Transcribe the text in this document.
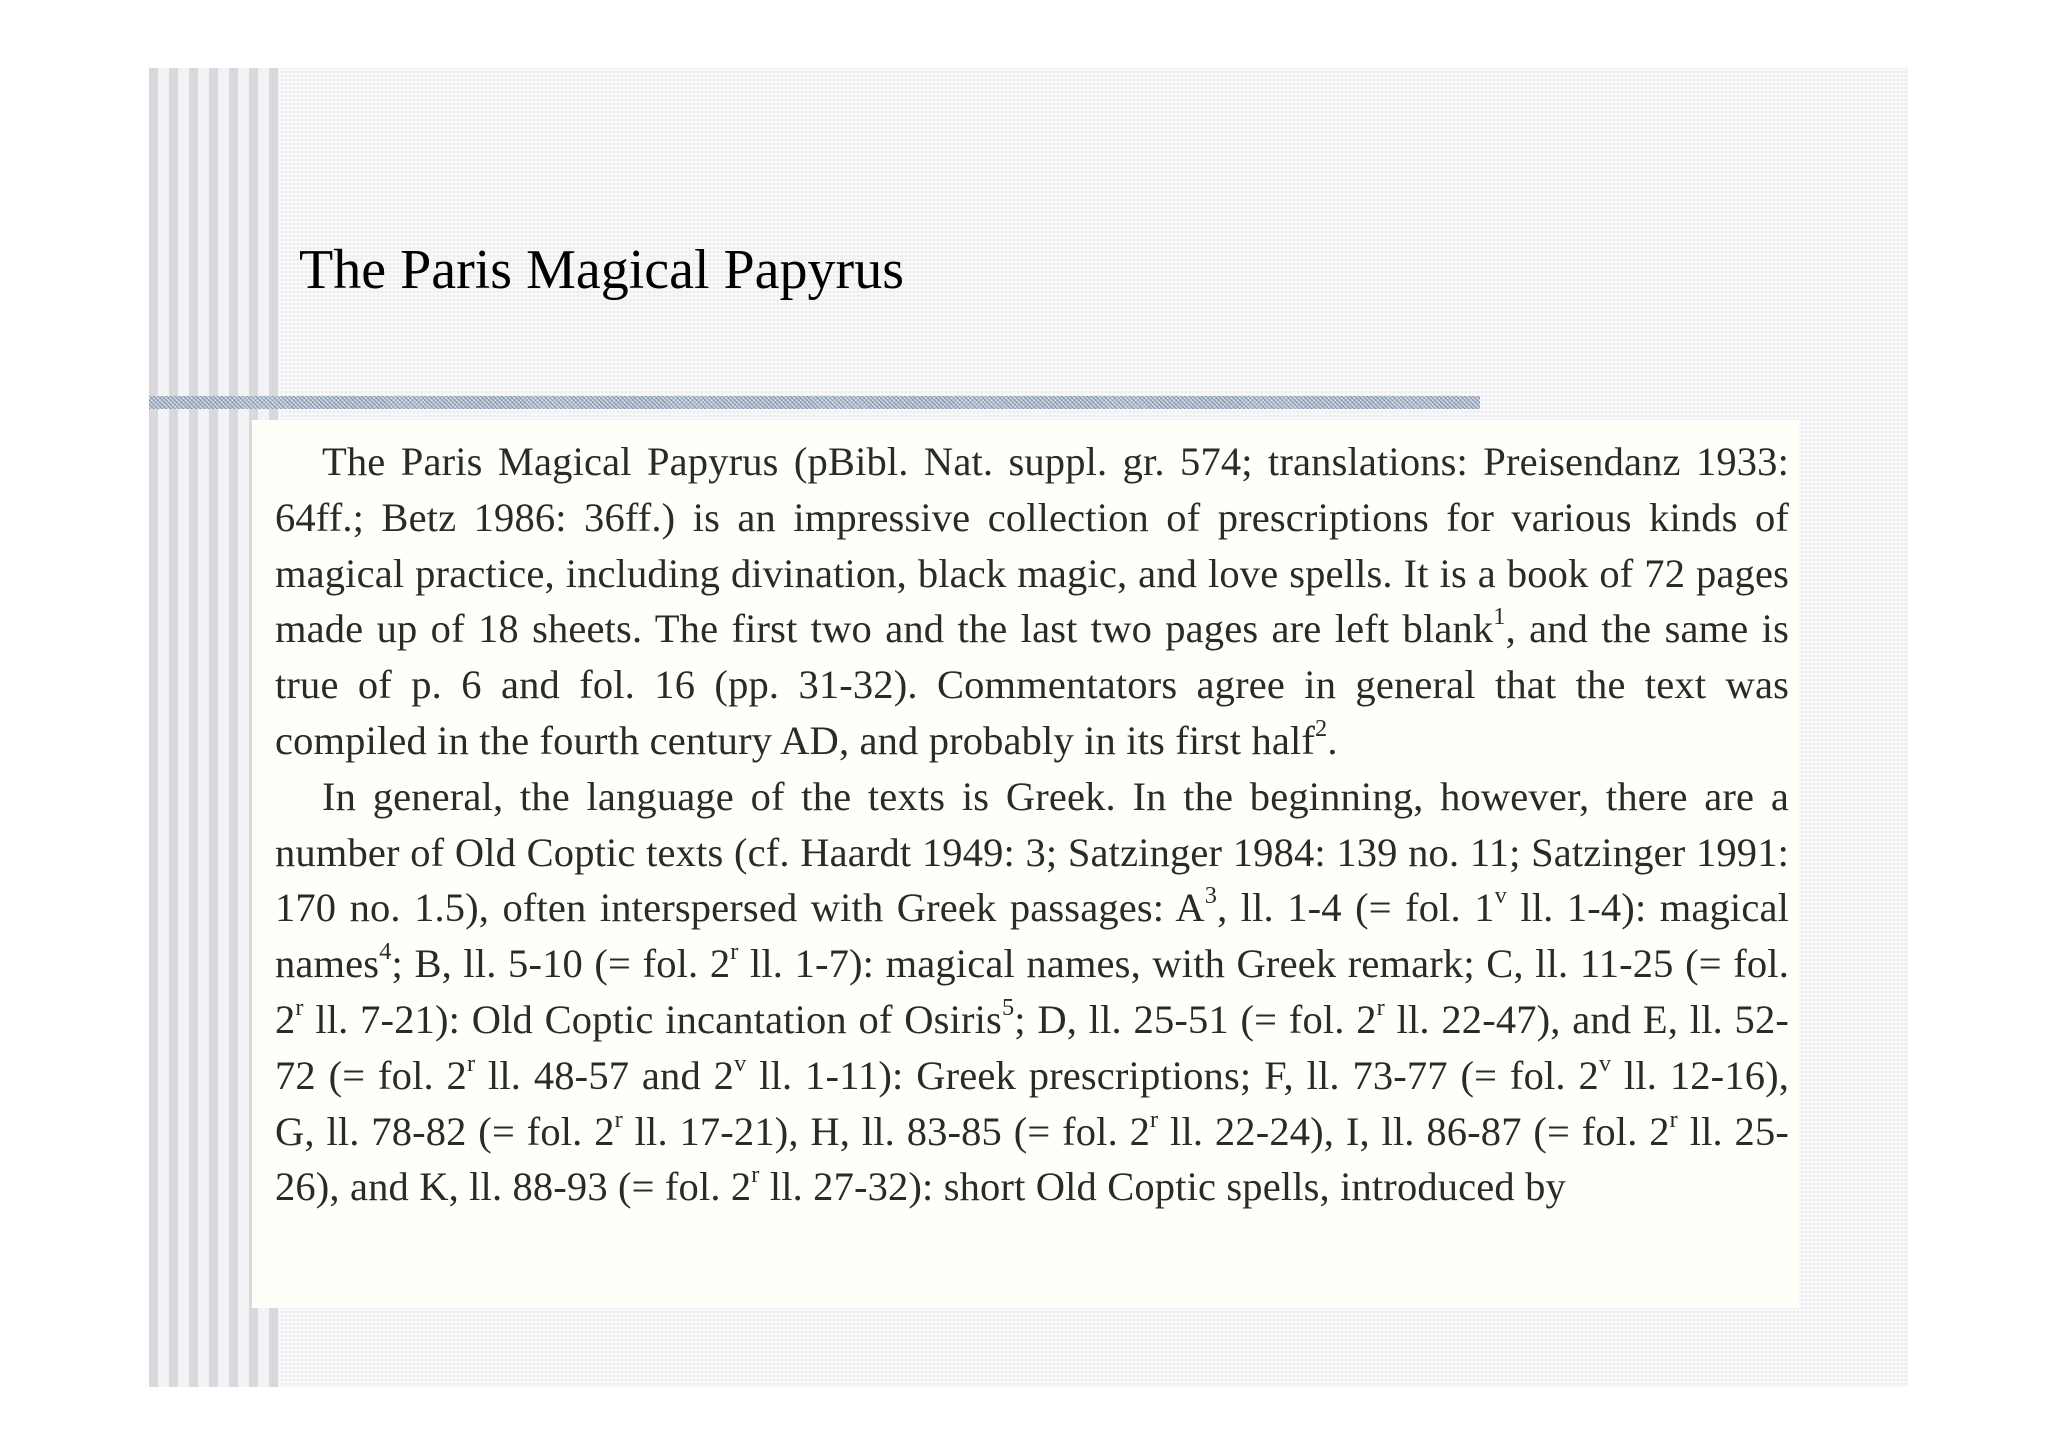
The Paris Magical Papyrus

The Paris Magical Papyrus (pBibl. Nat. suppl. gr. 574; translations: Preisendanz 1933: 64ff.; Betz 1986: 36ff.) is an impressive collection of prescriptions for various kinds of magical practice, including divination, black magic, and love spells. It is a book of 72 pages made up of 18 sheets. The first two and the last two pages are left blank$^1$, and the same is true of p. 6 and fol. 16 (pp. 31-32). Commentators agree in general that the text was compiled in the fourth century AD, and probably in its first half$^2$.

In general, the language of the texts is Greek. In the beginning, however, there are a number of Old Coptic texts (cf. Haardt 1949: 3; Satzinger 1984: 139 no. 11; Satzinger 1991: 170 no. 1.5), often interspersed with Greek passages: $A^3$, ll. 1-4 (= fol. 1$^v$ ll. 1-4): magical names$^4$; B, ll. 5-10 (= fol. 2$^r$ ll. 1-7): magical names, with Greek remark; C, ll. 11-25 (= fol. 2$^r$ ll. 7-21): Old Coptic incantation of Osiris$^5$; D, ll. 25-51 (= fol. 2$^r$ ll. 22-47), and E, ll. 52-72 (= fol. 2$^r$ ll. 48-57 and 2$^v$ ll. 1-11): Greek prescriptions; F, ll. 73-77 (= fol. 2$^v$ ll. 12-16), G, ll. 78-82 (= fol. 2$^r$ ll. 17-21), H, ll. 83-85 (= fol. 2$^r$ ll. 22-24), I, ll. 86-87 (= fol. 2$^r$ ll. 25-26), and K, ll. 88-93 (= fol. 2$^r$ ll. 27-32): short Old Coptic spells, introduced by
